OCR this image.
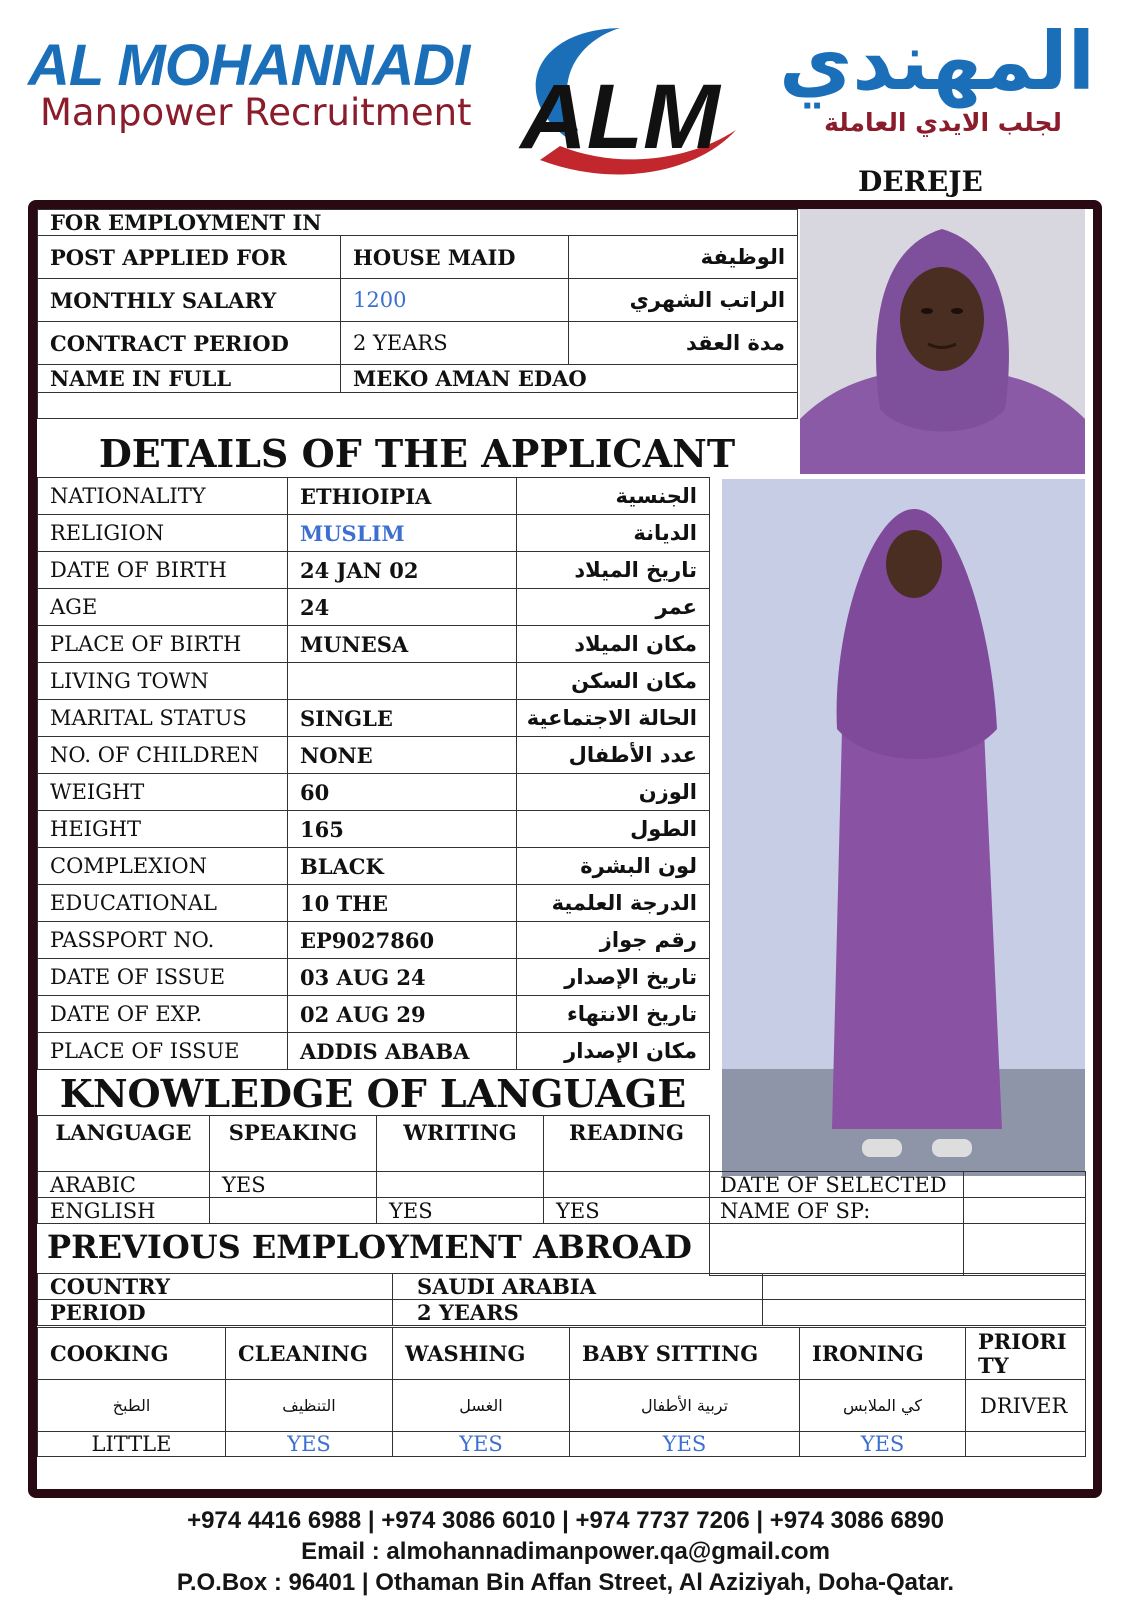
AL MOHANNADI
Manpower Recruitment ALM
المهندي
لجلب الايدي العاملة
DEREJE
FOR EMPLOYMENT IN		
POST APPLIED FOR	HOUSE MAID	الوظيفة
MONTHLY SALARY	1200	الراتب الشهري
CONTRACT PERIOD	2 YEARS	مدة العقد
NAME IN FULL	MEKO AMAN EDAO	

DETAILS OF THE APPLICANT
NATIONALITY	ETHIOIPIA	الجنسية
RELIGION	MUSLIM	الديانة
DATE OF BIRTH	24 JAN 02	تاريخ الميلاد
AGE	24	عمر
PLACE OF BIRTH	MUNESA	مكان الميلاد
LIVING TOWN		مكان السكن
MARITAL STATUS	SINGLE	الحالة الاجتماعية
NO. OF CHILDREN	NONE	عدد الأطفال
WEIGHT	60	الوزن
HEIGHT	165	الطول
COMPLEXION	BLACK	لون البشرة
EDUCATIONAL	10 THE	الدرجة العلمية
PASSPORT NO.	EP9027860	رقم جواز
DATE OF ISSUE	03 AUG 24	تاريخ الإصدار
DATE OF EXP.	02 AUG 29	تاريخ الانتهاء
PLACE OF ISSUE	ADDIS ABABA	مكان الإصدار
KNOWLEDGE OF LANGUAGE
LANGUAGE	SPEAKING	WRITING	READING
ARABIC	YES		
ENGLISH		YES	YES
DATE OF SELECTED	
NAME OF SP:	

PREVIOUS EMPLOYMENT ABROAD
COUNTRY	SAUDI ARABIA	
PERIOD	2 YEARS	
COOKING	CLEANING	WASHING	BABY SITTING	IRONING	PRIORI
TY
الطبخ	التنظيف	الغسل	تربية الأطفال	كي الملابس	DRIVER
LITTLE	YES	YES	YES	YES	
+974 4416 6988 | +974 3086 6010 | +974 7737 7206 | +974 3086 6890
Email : almohannadimanpower.qa@gmail.com
P.O.Box : 96401 | Othaman Bin Affan Street, Al Aziziyah, Doha-Qatar.
